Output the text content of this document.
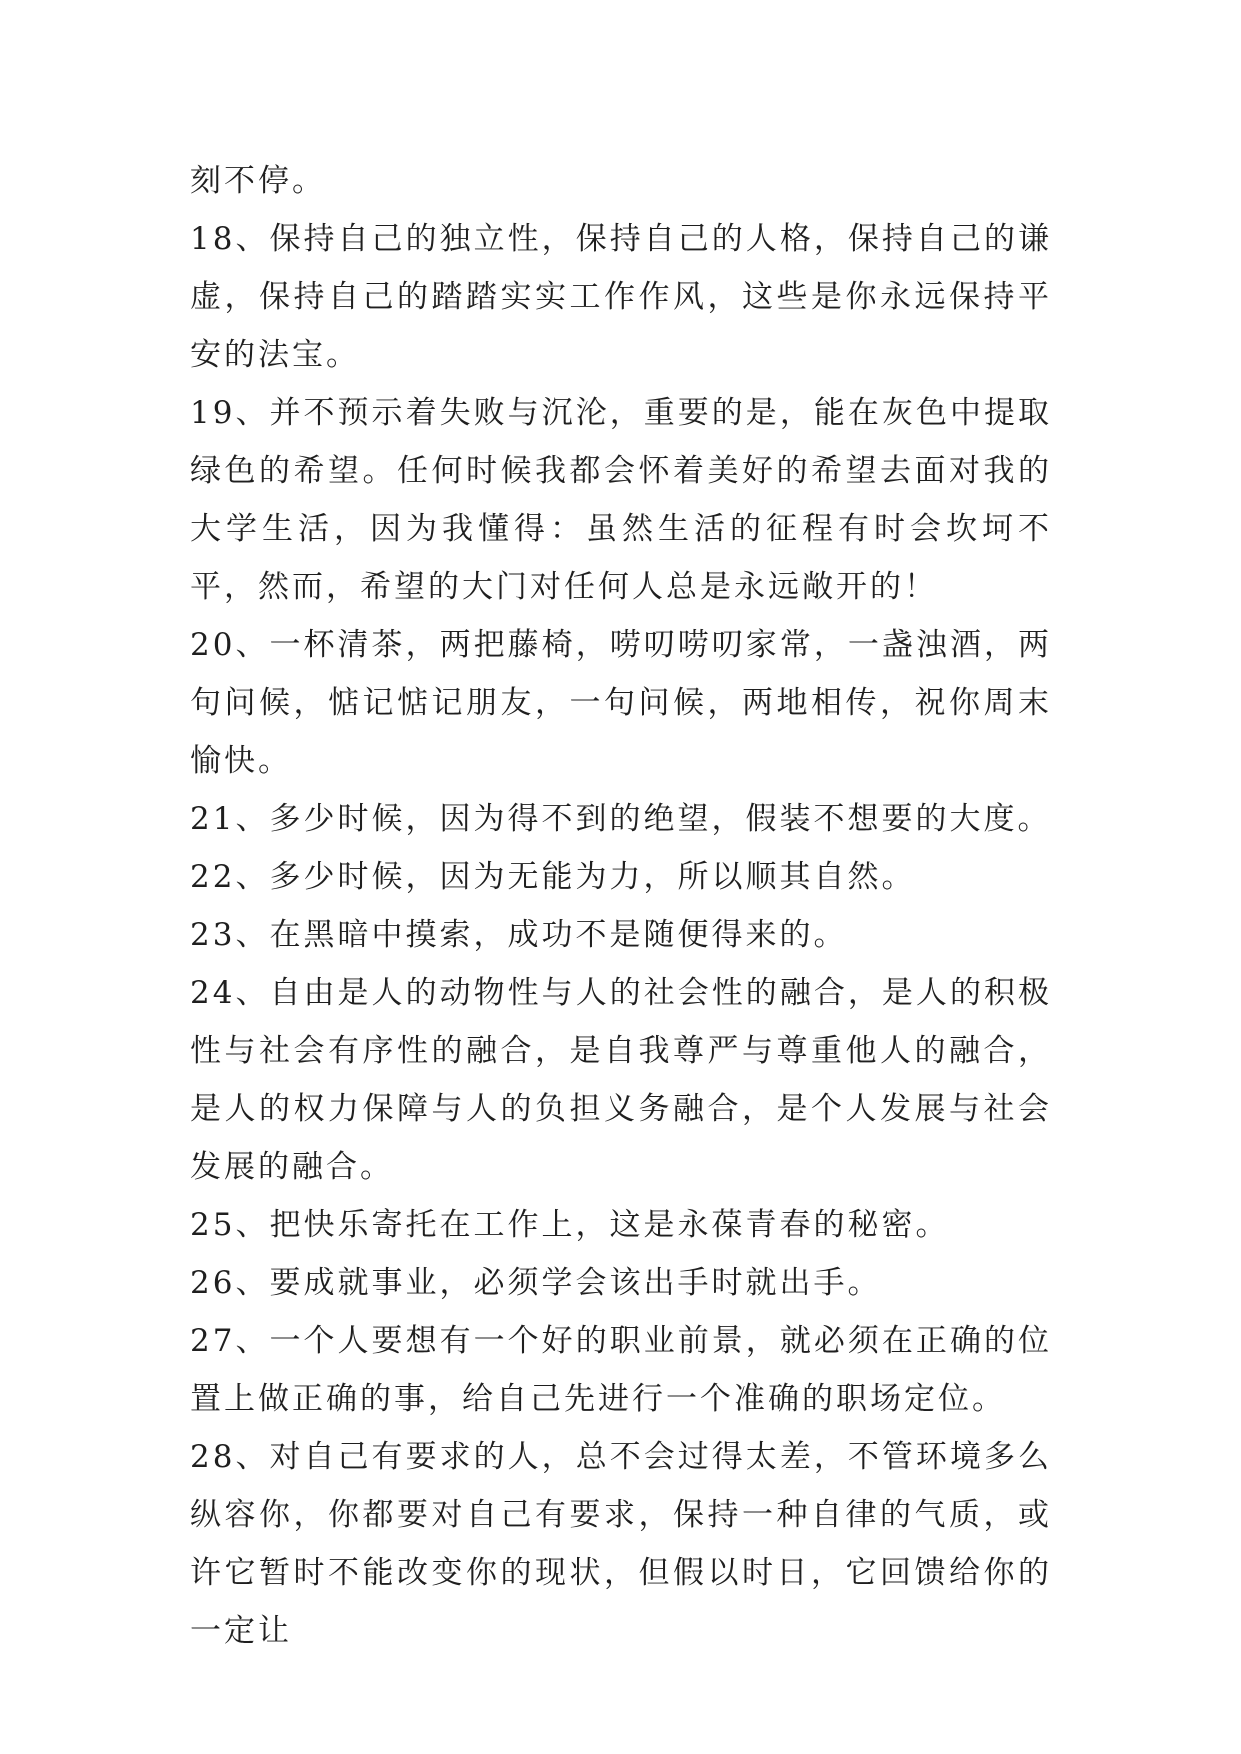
刻不停。

18、保持自己的独立性，保持自己的人格，保持自己的谦虚，保持自己的踏踏实实工作作风，这些是你永远保持平安的法宝。

19、并不预示着失败与沉沦，重要的是，能在灰色中提取绿色的希望。任何时候我都会怀着美好的希望去面对我的大学生活，因为我懂得：虽然生活的征程有时会坎坷不平，然而，希望的大门对任何人总是永远敞开的！

20、一杯清茶，两把藤椅，唠叨唠叨家常，一盏浊酒，两句问候，惦记惦记朋友，一句问候，两地相传，祝你周末愉快。

21、多少时候，因为得不到的绝望，假装不想要的大度。

22、多少时候，因为无能为力，所以顺其自然。

23、在黑暗中摸索，成功不是随便得来的。

24、自由是人的动物性与人的社会性的融合，是人的积极性与社会有序性的融合，是自我尊严与尊重他人的融合，是人的权力保障与人的负担义务融合，是个人发展与社会发展的融合。

25、把快乐寄托在工作上，这是永葆青春的秘密。

26、要成就事业，必须学会该出手时就出手。

27、一个人要想有一个好的职业前景，就必须在正确的位置上做正确的事，给自己先进行一个准确的职场定位。

28、对自己有要求的人，总不会过得太差，不管环境多么纵容你，你都要对自己有要求，保持一种自律的气质，或许它暂时不能改变你的现状，但假以时日，它回馈给你的一定让
